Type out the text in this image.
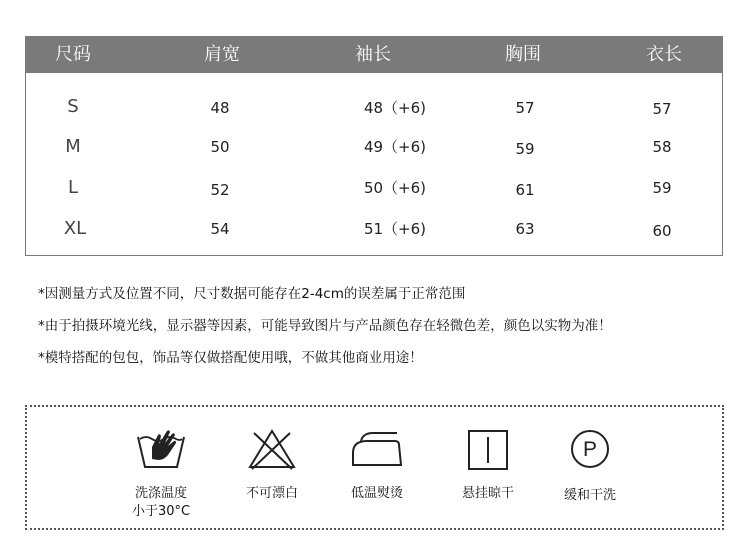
尺码	肩宽	袖长	胸围	衣长
S	48	48（+6)	57	57
M	50	49（+6)	59	58
L	52	50（+6)	61	59
XL	54	51（+6)	63	60
*因测量方式及位置不同，尺寸数据可能存在2-4cm的误差属于正常范围
*由于拍摄环境光线，显示器等因素，可能导致图片与产品颜色存在轻微色差，颜色以实物为准！
*模特搭配的包包，饰品等仅做搭配使用哦，不做其他商业用途！
洗涤温度
小于30°C
不可漂白	低温熨烫	悬挂晾干
P
缓和干洗
